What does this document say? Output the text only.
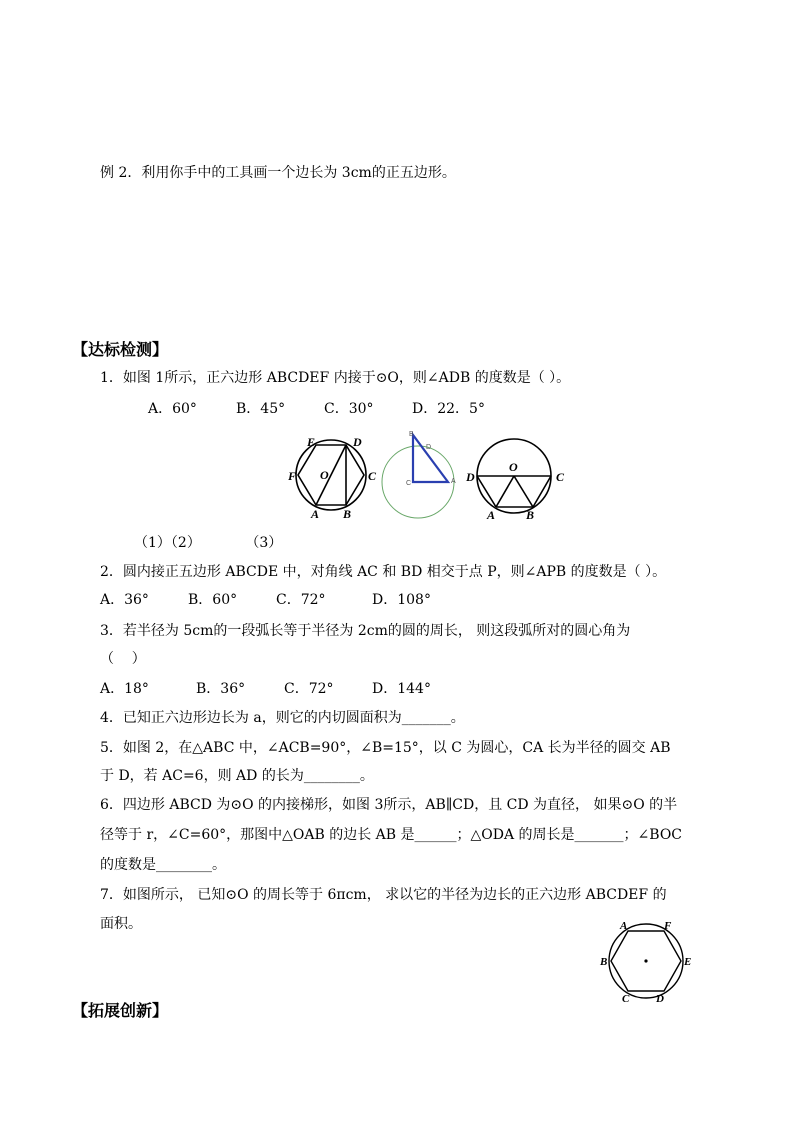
例 2．利用你手中的工具画一个边长为 3cm的正五边形。
【达标检测】
1．如图 1所示，正六边形 ABCDEF 内接于⊙O，则∠ADB 的度数是（ ）。
A．60°	B．45°	C．30°	D．22．5°
E	D
F O	C
A B
B
D
C	A D
O
C
A	B
（1）（2）          （3）
2．圆内接正五边形 ABCDE 中，对角线 AC 和 BD 相交于点 P，则∠APB 的度数是（ ）。
A．36°	B．60°	C．72°	D．108°
3．若半径为 5cm的一段弧长等于半径为 2cm的圆的周长， 则这段弧所对的圆心角为
（    ）
A．18°	B．36°	C．72°	D．144°
4．已知正六边形边长为 a，则它的内切圆面积为_______。
5．如图 2，在△ABC 中，∠ACB=90°，∠B=15°，以 C 为圆心，CA 长为半径的圆交 AB
于 D，若 AC=6，则 AD 的长为________。
6．四边形 ABCD 为⊙O 的内接梯形，如图 3所示，AB∥CD，且 CD 为直径， 如果⊙O 的半
径等于 r，∠C=60°，那图中△OAB 的边长 AB 是______；△ODA 的周长是_______；∠BOC
的度数是________。
7．如图所示， 已知⊙O 的周长等于 6πcm， 求以它的半径为边长的正六边形 ABCDEF 的
面积。	A	F
B	E
C D
【拓展创新】
